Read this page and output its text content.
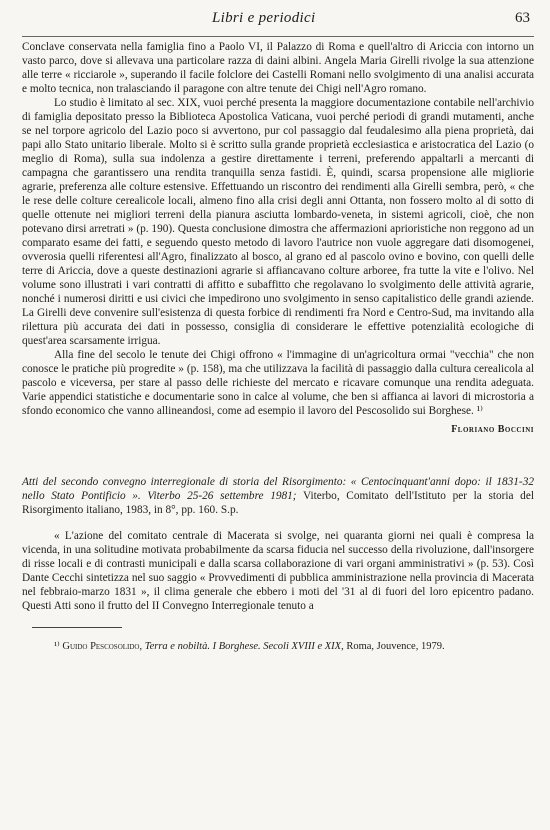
Libri e periodici	63

Conclave conservata nella famiglia fino a Paolo VI, il Palazzo di Roma e quell'altro di Ariccia con intorno un vasto parco, dove si allevava una particolare razza di daini albini. Angela Maria Girelli rivolge la sua attenzione alle terre « ricciarole », superando il facile folclore dei Castelli Romani nello svolgimento di una analisi accurata e molto tecnica, non tralasciando il paragone con altre tenute dei Chigi nell'Agro romano.

Lo studio è limitato al sec. XIX, vuoi perché presenta la maggiore documentazione contabile nell'archivio di famiglia depositato presso la Biblioteca Apostolica Vaticana, vuoi perché periodi di grandi mutamenti, anche se nel torpore agricolo del Lazio poco si avvertono, pur col passaggio dal feudalesimo alla piena proprietà, dai papi allo Stato unitario liberale. Molto si è scritto sulla grande proprietà ecclesiastica e aristocratica del Lazio (o meglio di Roma), sulla sua indolenza a gestire direttamente i terreni, preferendo appaltarli a mercanti di campagna che garantissero una rendita tranquilla senza fastidi. È, quindi, scarsa propensione alle migliorie agrarie, preferenza alle colture estensive. Effettuando un riscontro dei rendimenti alla Girelli sembra, però, « che le rese delle colture cerealicole locali, almeno fino alla crisi degli anni Ottanta, non fossero molto al di sotto di quelle ottenute nei migliori terreni della pianura asciutta lombardo-veneta, in sistemi agricoli, cioè, che non potevano dirsi arretrati » (p. 190). Questa conclusione dimostra che affermazioni aprioristiche non reggono ad un comparato esame dei fatti, e seguendo questo metodo di lavoro l'autrice non vuole aggregare dati disomogenei, ovverosia quelli riferentesi all'Agro, finalizzato al bosco, al grano ed al pascolo ovino e bovino, con quelli delle terre di Ariccia, dove a queste destinazioni agrarie si affiancavano colture arboree, fra tutte la vite e l'olivo. Nel volume sono illustrati i vari contratti di affitto e subaffitto che regolavano lo svolgimento delle attività agrarie, nonché i numerosi diritti e usi civici che impedirono uno svolgimento in senso capitalistico delle grandi aziende. La Girelli deve convenire sull'esistenza di questa forbice di rendimenti fra Nord e Centro-Sud, ma invitando alla rilettura più accurata dei dati in possesso, consiglia di considerare le effettive potenzialità ecologiche di quest'area scarsamente irrigua.

Alla fine del secolo le tenute dei Chigi offrono « l'immagine di un'agricoltura ormai "vecchia" che non conosce le pratiche più progredite » (p. 158), ma che utilizzava la facilità di passaggio dalla cultura cerealicola al pascolo e viceversa, per stare al passo delle richieste del mercato e ricavare comunque una rendita adeguata. Varie appendici statistiche e documentarie sono in calce al volume, che ben si affianca ai lavori di microstoria a sfondo economico che vanno allineandosi, come ad esempio il lavoro del Pescosolido sui Borghese. ¹⁾

Floriano Boccini
Atti del secondo convegno interregionale di storia del Risorgimento: « Centocinquant'anni dopo: il 1831-32 nello Stato Pontificio ». Viterbo 25-26 settembre 1981; Viterbo, Comitato dell'Istituto per la storia del Risorgimento italiano, 1983, in 8°, pp. 160. S.p.

« L'azione del comitato centrale di Macerata si svolge, nei quaranta giorni nei quali è compresa la vicenda, in una solitudine motivata probabilmente da scarsa fiducia nel successo della rivoluzione, dall'insorgere di risse locali e di contrasti municipali e dalla scarsa collaborazione di vari organi amministrativi » (p. 53). Così Dante Cecchi sintetizza nel suo saggio « Provvedimenti di pubblica amministrazione nella provincia di Macerata nel febbraio-marzo 1831 », il clima generale che ebbero i moti del '31 al di fuori del loro epicentro padano. Questi Atti sono il frutto del II Convegno Interregionale tenuto a

¹⁾ Guido Pescosolido, Terra e nobiltà. I Borghese. Secoli XVIII e XIX, Roma, Jouvence, 1979.
